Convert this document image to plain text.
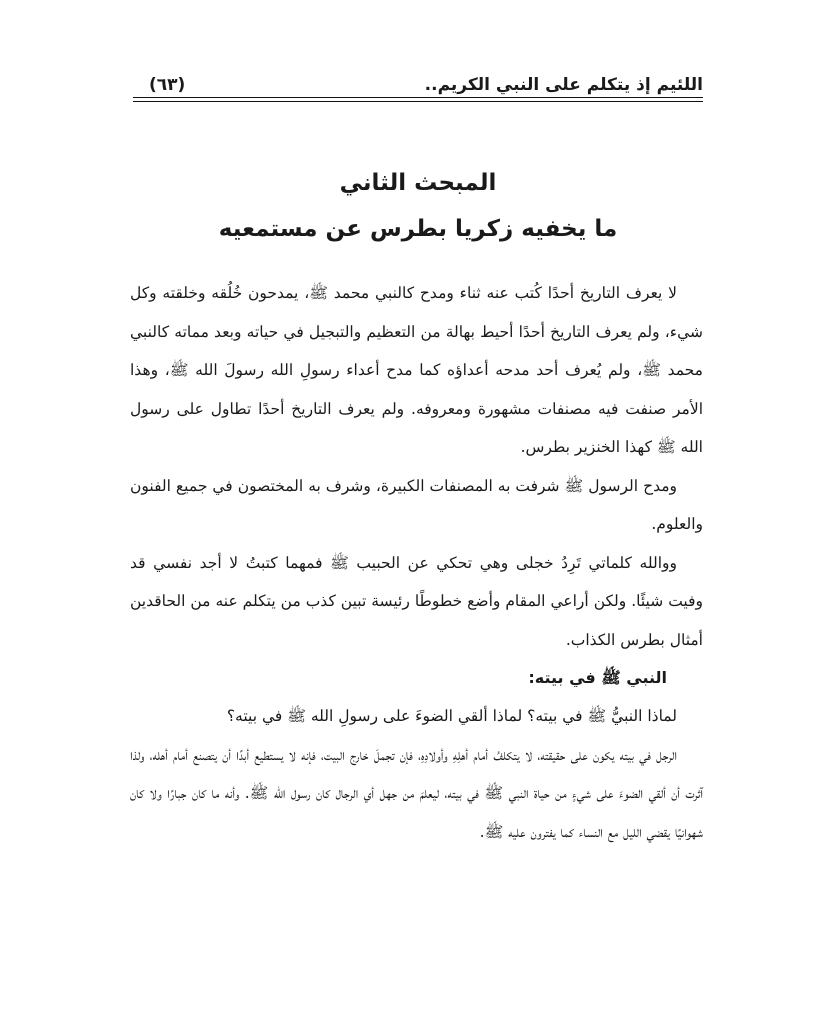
اللئيم إذ يتكلم على النبي الكريم..
(٦٣)
المبحث الثاني
ما يخفيه زكريا بطرس عن مستمعيه

لا يعرف التاريخ أحدًا كُتب عنه ثناء ومدح كالنبي محمد ﷺ، يمدحون خُلُقه وخلقته وكل شيء، ولم يعرف التاريخ أحدًا أحيط بهالة من التعظيم والتبجيل في حياته وبعد مماته كالنبي محمد ﷺ، ولم يُعرف أحد مدحه أعداؤه كما مدح أعداء رسولِ الله رسولَ الله ﷺ، وهذا الأمر صنفت فيه مصنفات مشهورة ومعروفه. ولم يعرف التاريخ أحدًا تطاول على رسول الله ﷺ كهذا الخنزير بطرس.

ومدح الرسول ﷺ شرفت به المصنفات الكبيرة، وشرف به المختصون في جميع الفنون والعلوم.

ووالله كلماتي تَرِدُ خجلى وهي تحكي عن الحبيب ﷺ فمهما كتبتُ لا أجد نفسي قد وفيت شيئًا. ولكن أراعي المقام وأضع خطوطًا رئيسة تبين كذب من يتكلم عنه من الحاقدين أمثال بطرس الكذاب.

النبي ﷺ في بيته:

لماذا النبيُّ ﷺ في بيته؟ لماذا ألقي الضوءَ على رسولِ الله ﷺ في بيته؟

الرجل في بيته يكون على حقيقته، لا يتكلفُ أمام أهلِهِ وأولادِهِ، فإن تجملَ خارج البيت، فإنه لا يستطيع أبدًا أن يتصنع أمام أهله، ولذا آثرت أن ألقي الضوءَ على شيءٍ من حياة النبي ﷺ في بيته، ليعلمَ من جهل أي الرجال كان رسول الله ﷺ. وأنه ما كان جبارًا ولا كان شهوانيًا يقضي الليل مع النساء كما يفترون عليه ﷺ.
